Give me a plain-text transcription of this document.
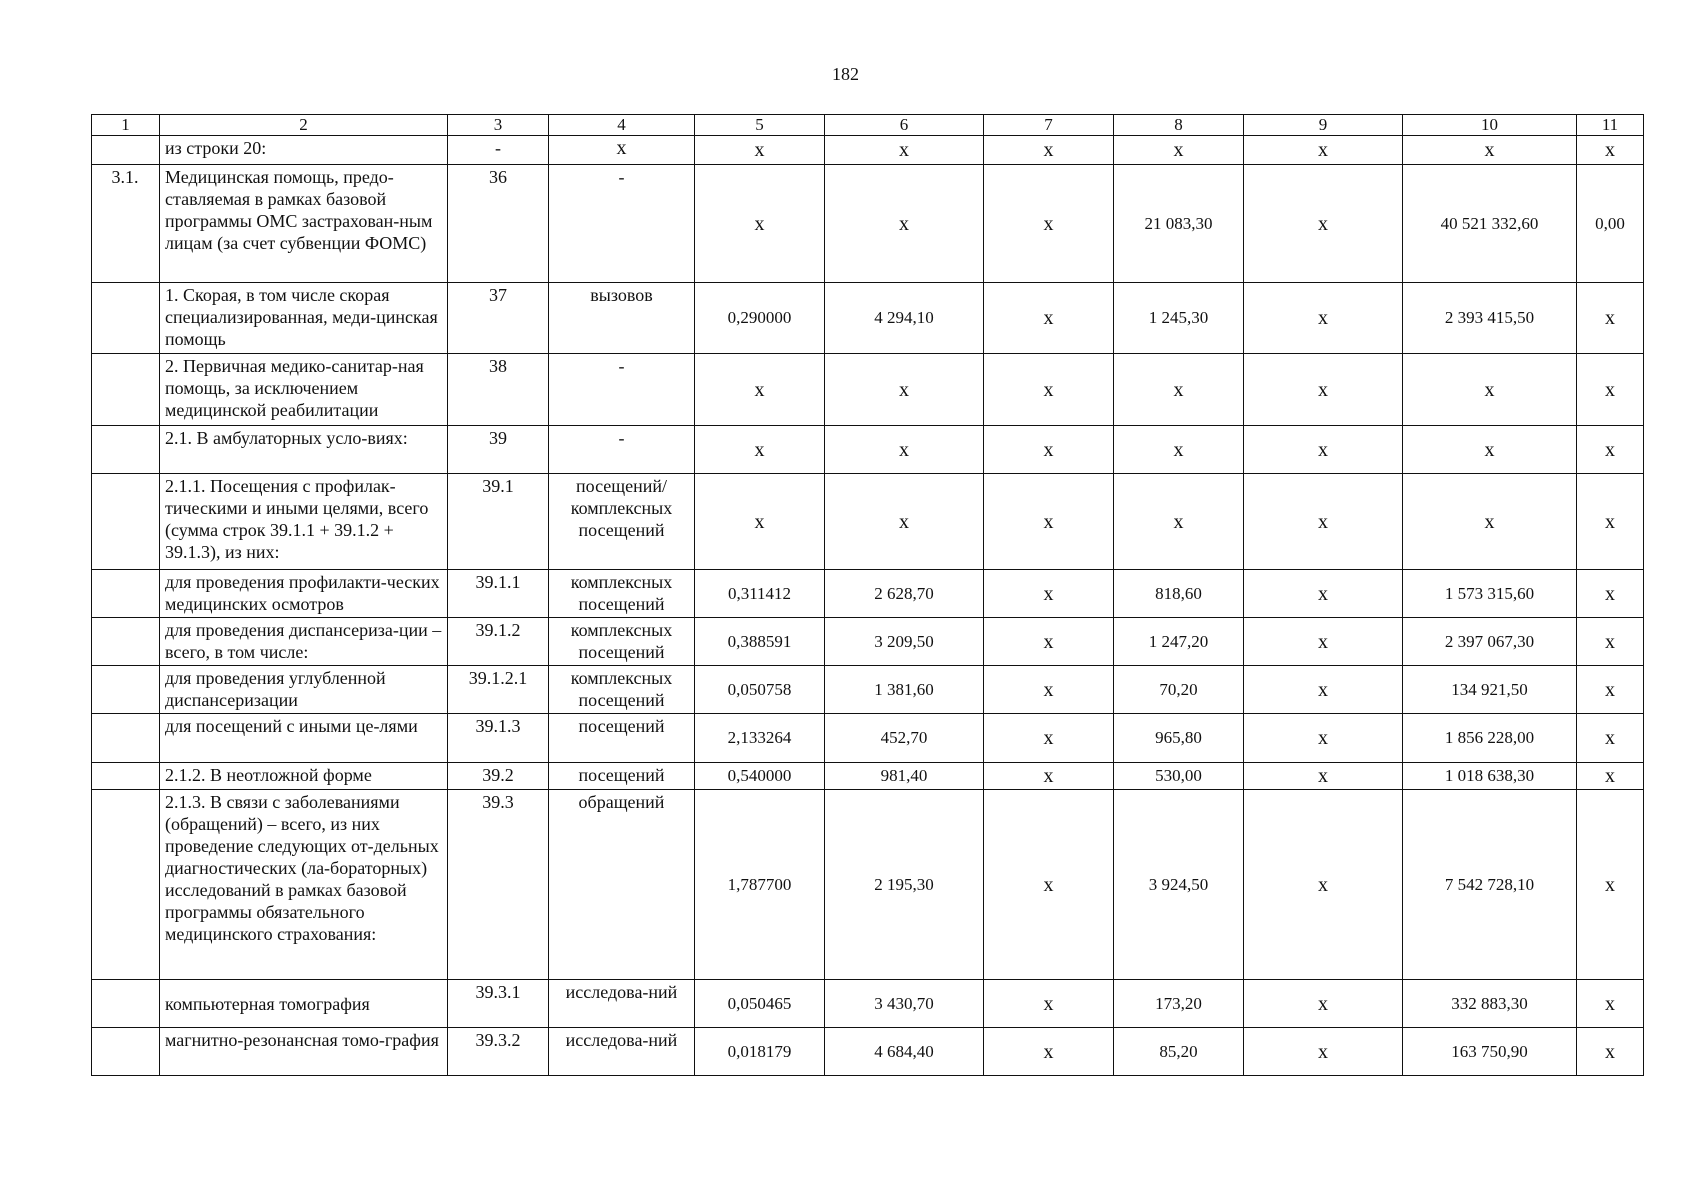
182
1	2	3	4	5	6	7	8	9	10	11
	из строки 20:	-	х	х	х	х	х	х	х	х
3.1.	Медицинская помощь, предо-ставляемая в рамках базовой программы ОМС застрахован-ным лицам (за счет субвенции ФОМС)	36	-	х	х	х	21 083,30	х	40 521 332,60	0,00
	1. Скорая, в том числе скорая специализированная, меди-цинская помощь	37	вызовов	0,290000	4 294,10	х	1 245,30	х	2 393 415,50	х
	2. Первичная медико-санитар-ная помощь, за исключением медицинской реабилитации	38	-	х	х	х	х	х	х	х
	2.1. В амбулаторных усло-виях:	39	-	х	х	х	х	х	х	х
	2.1.1. Посещения с профилак-тическими и иными целями, всего (сумма строк 39.1.1 + 39.1.2 + 39.1.3), из них:	39.1	посещений/ комплексных посещений	х	х	х	х	х	х	х
	для проведения профилакти-ческих медицинских осмотров	39.1.1	комплексных посещений	0,311412	2 628,70	х	818,60	х	1 573 315,60	х
	для проведения диспансериза-ции – всего, в том числе:	39.1.2	комплексных посещений	0,388591	3 209,50	х	1 247,20	х	2 397 067,30	х
	для проведения углубленной диспансеризации	39.1.2.1	комплексных посещений	0,050758	1 381,60	х	70,20	х	134 921,50	х
	для посещений с иными це-лями	39.1.3	посещений	2,133264	452,70	х	965,80	х	1 856 228,00	х
	2.1.2. В неотложной форме	39.2	посещений	0,540000	981,40	х	530,00	х	1 018 638,30	х
	2.1.3. В связи с заболеваниями (обращений) – всего, из них проведение следующих от-дельных диагностических (ла-бораторных) исследований в рамках базовой программы обязательного медицинского страхования:	39.3	обращений	1,787700	2 195,30	х	3 924,50	х	7 542 728,10	х
	компьютерная томография	39.3.1	исследова-ний	0,050465	3 430,70	х	173,20	х	332 883,30	х
	магнитно-резонансная томо-графия	39.3.2	исследова-ний	0,018179	4 684,40	х	85,20	х	163 750,90	х
